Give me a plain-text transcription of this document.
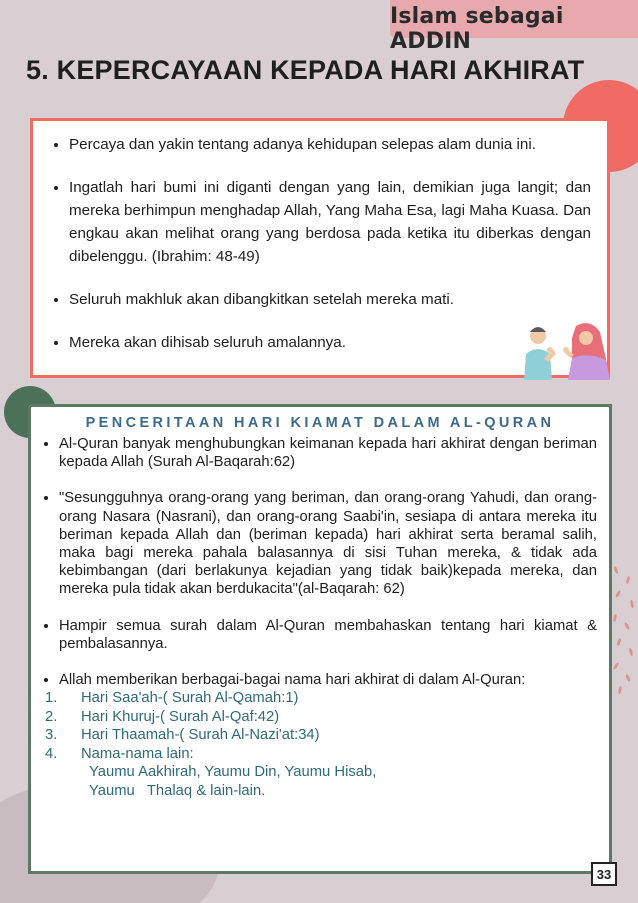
Islam sebagai ADDIN
5. KEPERCAYAAN KEPADA HARI AKHIRAT
• Percaya dan yakin tentang adanya kehidupan selepas alam dunia ini.
• Ingatlah hari bumi ini diganti dengan yang lain, demikian juga langit; dan mereka berhimpun menghadap Allah, Yang Maha Esa, lagi Maha Kuasa. Dan engkau akan melihat orang yang berdosa pada ketika itu diberkas dengan dibelenggu. (Ibrahim: 48-49)
• Seluruh makhluk akan dibangkitkan setelah mereka mati.
• Mereka akan dihisab seluruh amalannya.
PENCERITAAN HARI KIAMAT DALAM AL-QURAN
• Al-Quran banyak menghubungkan keimanan kepada hari akhirat dengan beriman kepada Allah (Surah Al-Baqarah:62)
• "Sesungguhnya orang-orang yang beriman, dan orang-orang Yahudi, dan orang-orang Nasara (Nasrani), dan orang-orang Saabi'in, sesiapa di antara mereka itu beriman kepada Allah dan (beriman kepada) hari akhirat serta beramal salih, maka bagi mereka pahala balasannya di sisi Tuhan mereka, & tidak ada kebimbangan (dari berlakunya kejadian yang tidak baik)kepada mereka, dan mereka pula tidak akan berdukacita"(al-Baqarah: 62)
• Hampir semua surah dalam Al-Quran membahaskan tentang hari kiamat & pembalasannya.
• Allah memberikan berbagai-bagai nama hari akhirat di dalam Al-Quran:
1. Hari Saa'ah-( Surah Al-Qamah:1)
2. Hari Khuruj-( Surah Al-Qaf:42)
3. Hari Thaamah-( Surah Al-Nazi'at:34)
4. Nama-nama lain:
Yaumu Aakhirah, Yaumu Din, Yaumu Hisab,
Yaumu   Thalaq & lain-lain.
33
